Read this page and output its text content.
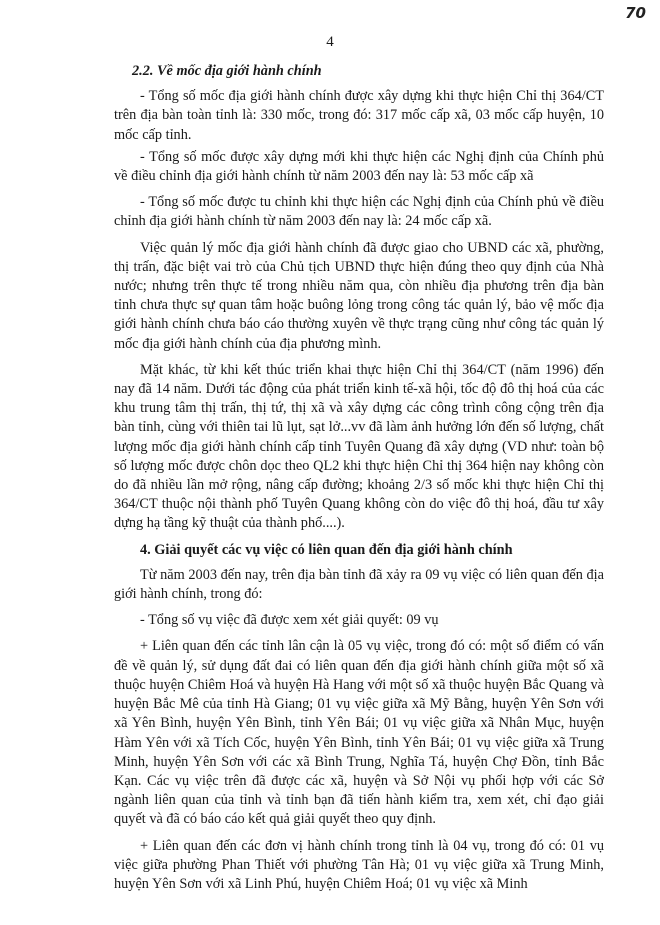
70
4
2.2. Về mốc địa giới hành chính

- Tổng số mốc địa giới hành chính được xây dựng khi thực hiện Chỉ thị 364/CT trên địa bàn toàn tỉnh là: 330 mốc, trong đó: 317 mốc cấp xã, 03 mốc cấp huyện, 10 mốc cấp tỉnh.

- Tổng số mốc được xây dựng mới khi thực hiện các Nghị định của Chính phủ về điều chỉnh địa giới hành chính từ năm 2003 đến nay là: 53 mốc cấp xã

- Tổng số mốc được tu chỉnh khi thực hiện các Nghị định của Chính phủ về điều chỉnh địa giới hành chính từ năm 2003 đến nay là: 24 mốc cấp xã.

Việc quản lý mốc địa giới hành chính đã được giao cho UBND các xã, phường, thị trấn, đặc biệt vai trò của Chủ tịch UBND thực hiện đúng theo quy định của Nhà nước; nhưng trên thực tế trong nhiều năm qua, còn nhiều địa phương trên địa bàn tỉnh chưa thực sự quan tâm hoặc buông lỏng trong công tác quản lý, bảo vệ mốc địa giới hành chính chưa báo cáo thường xuyên về thực trạng cũng như công tác quản lý mốc địa giới hành chính của địa phương mình.

Mặt khác, từ khi kết thúc triển khai thực hiện Chỉ thị 364/CT (năm 1996) đến nay đã 14 năm. Dưới tác động của phát triển kinh tế-xã hội, tốc độ đô thị hoá của các khu trung tâm thị trấn, thị tứ, thị xã và xây dựng các công trình công cộng trên địa bàn tỉnh, cùng với thiên tai lũ lụt, sạt lở...vv đã làm ảnh hưởng lớn đến số lượng, chất lượng mốc địa giới hành chính cấp tỉnh Tuyên Quang đã xây dựng (VD như: toàn bộ số lượng mốc được chôn dọc theo QL2 khi thực hiện Chỉ thị 364 hiện nay không còn do đã nhiều lần mở rộng, nâng cấp đường; khoảng 2/3 số mốc khi thực hiện Chỉ thị 364/CT thuộc nội thành phố Tuyên Quang không còn do việc đô thị hoá, đầu tư xây dựng hạ tầng kỹ thuật của thành phố....).

4. Giải quyết các vụ việc có liên quan đến địa giới hành chính

Từ năm 2003 đến nay, trên địa bàn tỉnh đã xảy ra 09 vụ việc có liên quan đến địa giới hành chính, trong đó:

- Tổng số vụ việc đã được xem xét giải quyết: 09 vụ

+ Liên quan đến các tỉnh lân cận là 05 vụ việc, trong đó có: một số điểm có vấn đề về quản lý, sử dụng đất đai có liên quan đến địa giới hành chính giữa một số xã thuộc huyện Chiêm Hoá và huyện Hà Hang với một số xã thuộc huyện Bắc Quang và huyện Bắc Mê của tỉnh Hà Giang; 01 vụ việc giữa xã Mỹ Bằng, huyện Yên Sơn với xã Yên Bình, huyện Yên Bình, tỉnh Yên Bái; 01 vụ việc giữa xã Nhân Mục, huyện Hàm Yên với xã Tích Cốc, huyện Yên Bình, tỉnh Yên Bái; 01 vụ việc giữa xã Trung Minh, huyện Yên Sơn với các xã Bình Trung, Nghĩa Tá, huyện Chợ Đồn, tỉnh Bắc Kạn. Các vụ việc trên đã được các xã, huyện và Sở Nội vụ phối hợp với các Sở ngành liên quan của tỉnh và tỉnh bạn đã tiến hành kiểm tra, xem xét, chỉ đạo giải quyết và đã có báo cáo kết quả giải quyết theo quy định.

+ Liên quan đến các đơn vị hành chính trong tỉnh là 04 vụ, trong đó có: 01 vụ việc giữa phường Phan Thiết với phường Tân Hà; 01 vụ việc giữa xã Trung Minh, huyện Yên Sơn với xã Linh Phú, huyện Chiêm Hoá; 01 vụ việc xã Minh
